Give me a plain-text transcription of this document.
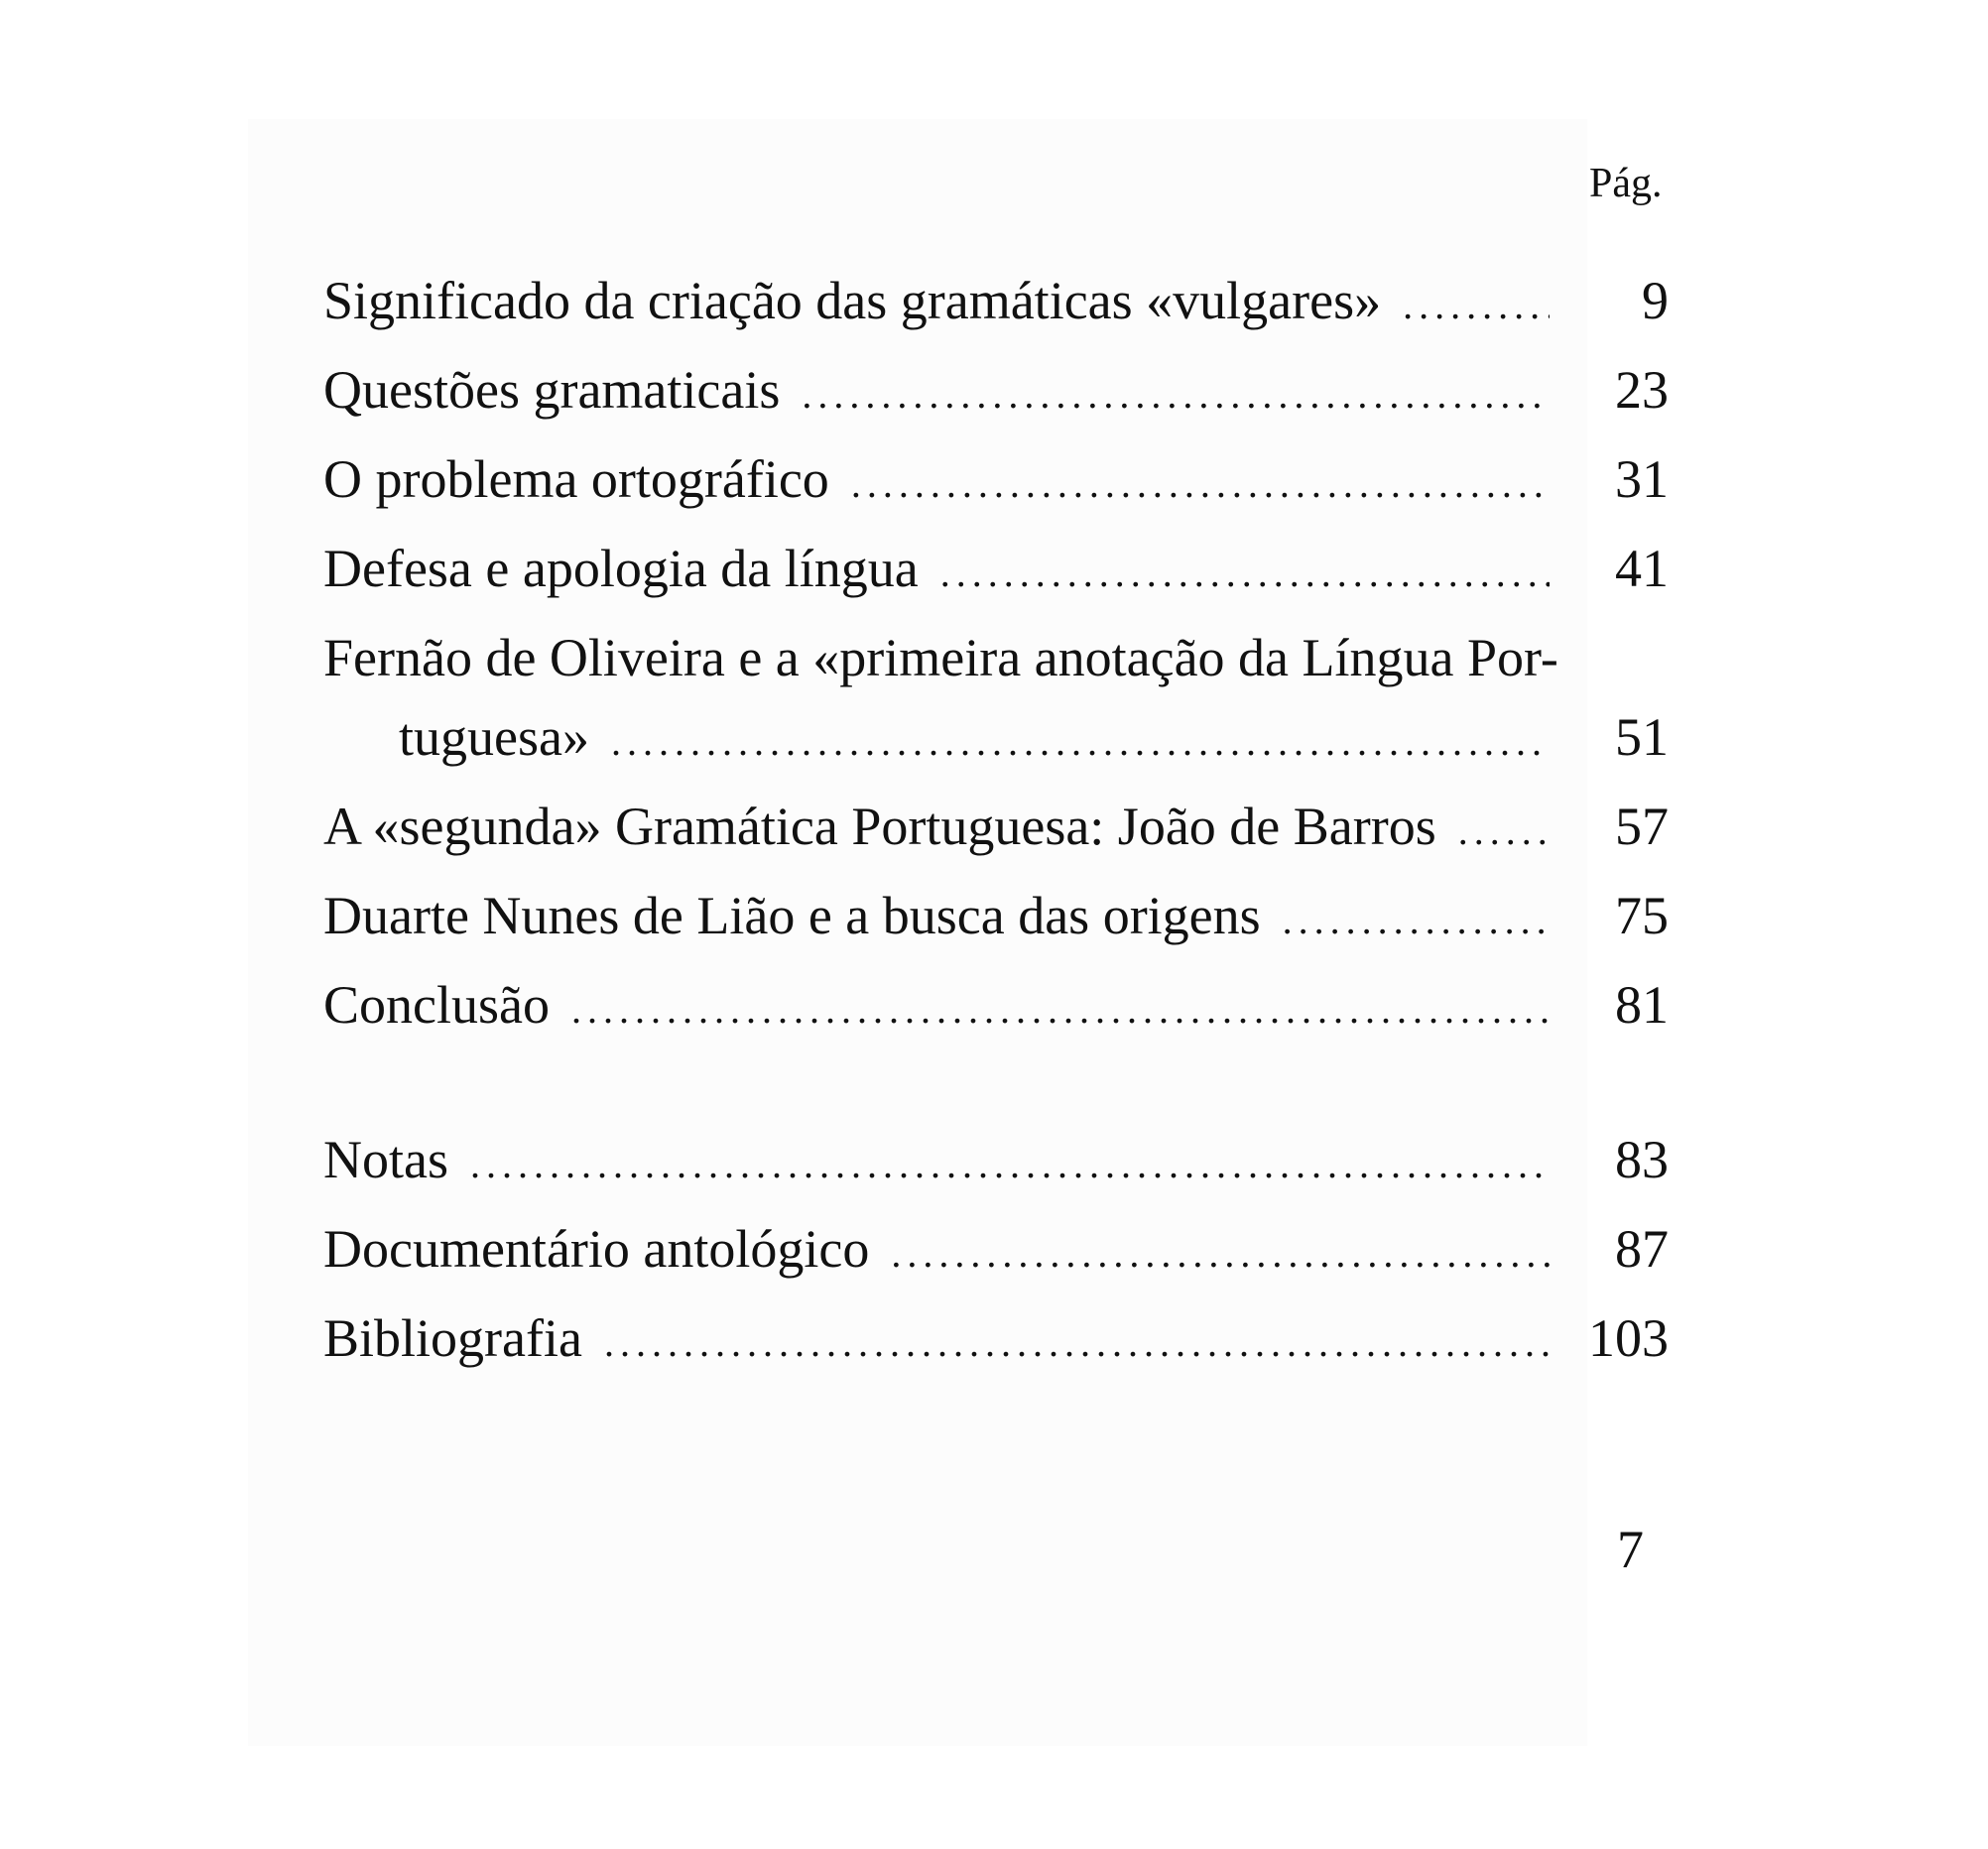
Pág.
Significado da criação das gramáticas «vulgares» . . .	9
Questões gramaticais . . .	23
O problema ortográfico . . .	31
Defesa e apologia da língua . . .	41
Fernão de Oliveira e a «primeira anotação da Língua Por-
tuguesa» . . .	51
A «segunda» Gramática Portuguesa: João de Barros . . .	57
Duarte Nunes de Lião e a busca das origens . . .	75
Conclusão . . .	81
Notas . . .	83
Documentário antológico . . .	87
Bibliografia . . .	103
7
